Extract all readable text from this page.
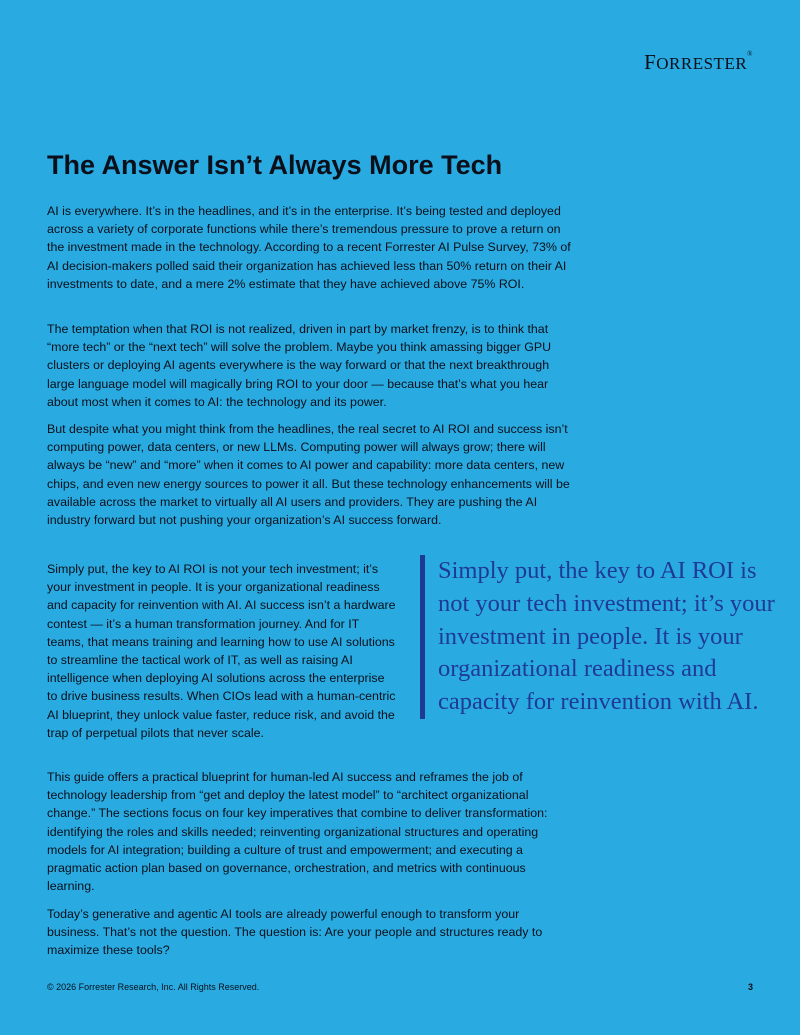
FORRESTER®
The Answer Isn’t Always More Tech

AI is everywhere. It’s in the headlines, and it’s in the enterprise. It’s being tested and deployed across a variety of corporate functions while there’s tremendous pressure to prove a return on the investment made in the technology. According to a recent Forrester AI Pulse Survey, 73% of AI decision-makers polled said their organization has achieved less than 50% return on their AI investments to date, and a mere 2% estimate that they have achieved above 75% ROI.

The temptation when that ROI is not realized, driven in part by market frenzy, is to think that “more tech” or the “next tech” will solve the problem. Maybe you think amassing bigger GPU clusters or deploying AI agents everywhere is the way forward or that the next breakthrough large language model will magically bring ROI to your door — because that’s what you hear about most when it comes to AI: the technology and its power.

But despite what you might think from the headlines, the real secret to AI ROI and success isn’t computing power, data centers, or new LLMs. Computing power will always grow; there will always be “new” and “more” when it comes to AI power and capability: more data centers, new chips, and even new energy sources to power it all. But these technology enhancements will be available across the market to virtually all AI users and providers. They are pushing the AI industry forward but not pushing your organization’s AI success forward.

Simply put, the key to AI ROI is not your tech investment; it’s your investment in people. It is your organizational readiness and capacity for reinvention with AI. AI success isn’t a hardware contest — it’s a human transformation journey. And for IT teams, that means training and learning how to use AI solutions to streamline the tactical work of IT, as well as raising AI intelligence when deploying AI solutions across the enterprise to drive business results. When CIOs lead with a human-centric AI blueprint, they unlock value faster, reduce risk, and avoid the trap of perpetual pilots that never scale.

Simply put, the key to AI ROI is not your tech investment; it’s your investment in people. It is your organizational readiness and capacity for reinvention with AI.

This guide offers a practical blueprint for human-led AI success and reframes the job of technology leadership from “get and deploy the latest model” to “architect organizational change.” The sections focus on four key imperatives that combine to deliver transformation: identifying the roles and skills needed; reinventing organizational structures and operating models for AI integration; building a culture of trust and empowerment; and executing a pragmatic action plan based on governance, orchestration, and metrics with continuous learning.

Today’s generative and agentic AI tools are already powerful enough to transform your business. That’s not the question. The question is: Are your people and structures ready to maximize these tools?

© 2026 Forrester Research, Inc. All Rights Reserved.	3
